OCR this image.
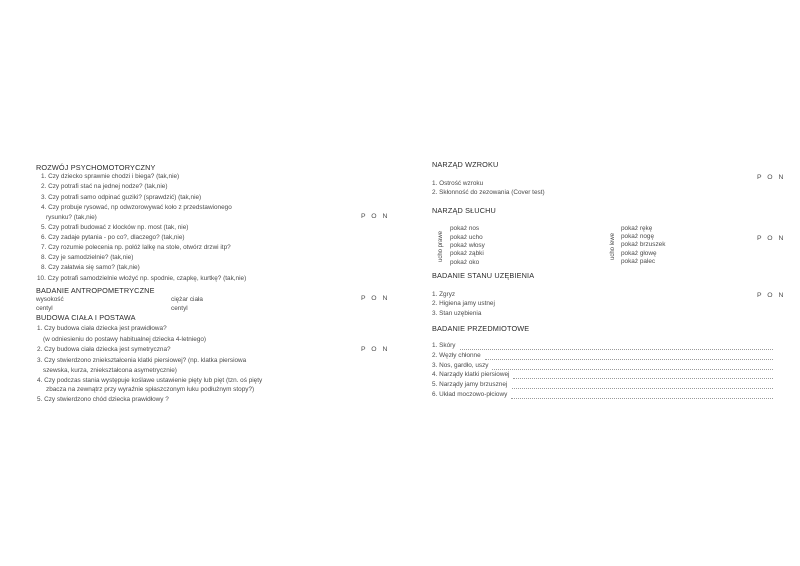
ROZWÓJ PSYCHOMOTORYCZNY
1. Czy dziecko sprawnie chodzi i biega? (tak,nie)
2. Czy potrafi stać na jednej nodze? (tak,nie)
3. Czy potrafi samo odpinać guziki? (sprawdzić) (tak,nie)
4. Czy probuje rysować, np odwzorowywać koło z przedstawionego
rysunku? (tak,nie)	P O N
5. Czy potrafi budować z klocków np. most (tak, nie)
6. Czy zadaje pytania - po co?, dlaczego? (tak,nie)
7. Czy rozumie polecenia np. połóż lalkę na stole, otwórz drzwi itp?
8. Czy je samodzielnie? (tak,nie)
8. Czy załatwia się samo? (tak,nie)
10. Czy potrafi samodzielnie włożyć np. spodnie, czapkę, kurtkę? (tak,nie)
BADANIE ANTROPOMETRYCZNE
wysokość
centyl
ciężar ciała
centyl
P O N
BUDOWA CIAŁA I POSTAWA
1. Czy budowa ciała dziecka jest prawidłowa?
(w odniesieniu do postawy habitualnej dziecka 4-letniego)
2. Czy budowa ciała dziecka jest symetryczna?	P O N
3. Czy stwierdzono zniekształcenia klatki piersiowej? (np. klatka piersiowa
szewska, kurza, zniekształcona asymetrycznie)
4. Czy podczas stania występuje koślawe ustawienie pięty lub pięt (tzn. oś pięty
zbacza na zewnątrz przy wyraźnie spłaszczonym łuku podłużnym stopy?)
5. Czy stwierdzono chód dziecka prawidłowy ?
NARZĄD WZROKU
P O N
1. Ostrość wzroku
2. Skłonność do zezowania (Cover test)
NARZĄD SŁUCHU
ucho prawe
pokaż nos
pokaż ucho
pokaż włosy
pokaż ząbki
pokaż oko
ucho lewe
pokaż rękę
pokaż nogę
pokaż brzuszek
pokaż głowę
pokaż palec
P O N
BADANIE STANU UZĘBIENIA
1. Zgryz
2. Higiena jamy ustnej
3. Stan uzębienia
P O N
BADANIE PRZEDMIOTOWE
1. Skóry
2. Węzły chłonne
3. Nos, gardło, uszy
4. Narządy klatki piersiowej
5. Narządy jamy brzusznej
6. Układ moczowo-płciowy
